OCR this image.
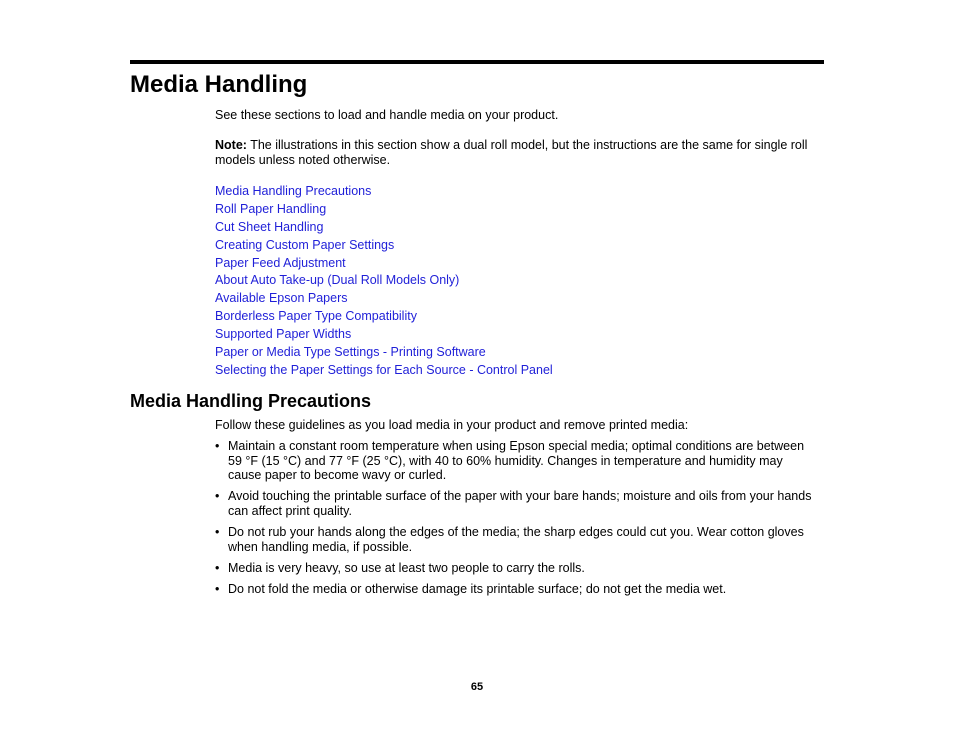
Media Handling
See these sections to load and handle media on your product.
Note: The illustrations in this section show a dual roll model, but the instructions are the same for single roll models unless noted otherwise.
Media Handling Precautions
Roll Paper Handling
Cut Sheet Handling
Creating Custom Paper Settings
Paper Feed Adjustment
About Auto Take-up (Dual Roll Models Only)
Available Epson Papers
Borderless Paper Type Compatibility
Supported Paper Widths
Paper or Media Type Settings - Printing Software
Selecting the Paper Settings for Each Source - Control Panel
Media Handling Precautions
Follow these guidelines as you load media in your product and remove printed media:
• Maintain a constant room temperature when using Epson special media; optimal conditions are between 59 °F (15 °C) and 77 °F (25 °C), with 40 to 60% humidity. Changes in temperature and humidity may cause paper to become wavy or curled.
• Avoid touching the printable surface of the paper with your bare hands; moisture and oils from your hands can affect print quality.
• Do not rub your hands along the edges of the media; the sharp edges could cut you. Wear cotton gloves when handling media, if possible.
• Media is very heavy, so use at least two people to carry the rolls.
• Do not fold the media or otherwise damage its printable surface; do not get the media wet.
65
